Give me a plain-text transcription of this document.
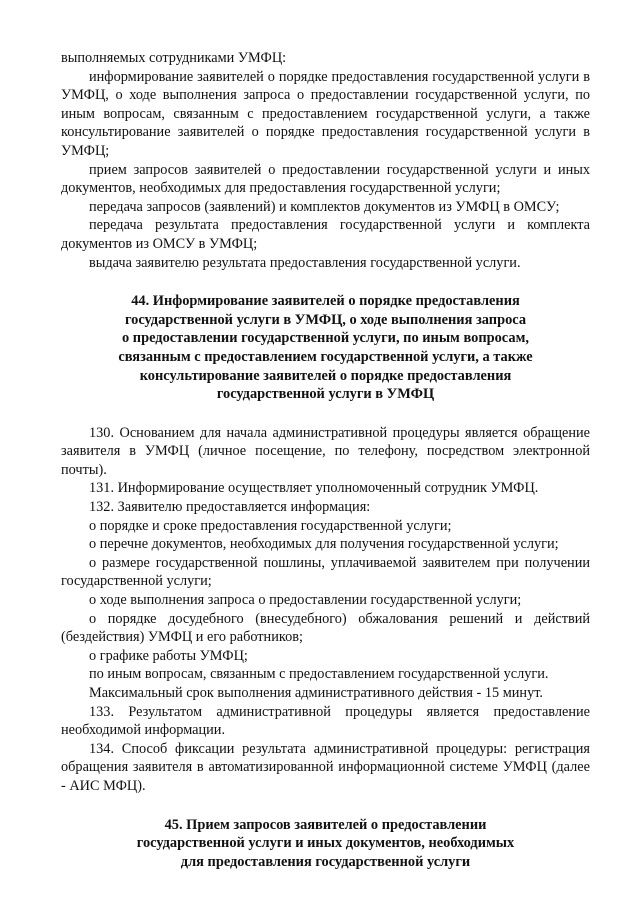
выполняемых сотрудниками УМФЦ:

информирование заявителей о порядке предоставления государственной услуги в УМФЦ, о ходе выполнения запроса о предоставлении государственной услуги, по иным вопросам, связанным с предоставлением государственной услуги, а также консультирование заявителей о порядке предоставления государственной услуги в УМФЦ;

прием запросов заявителей о предоставлении государственной услуги и иных документов, необходимых для предоставления государственной услуги;

передача запросов (заявлений) и комплектов документов из УМФЦ в ОМСУ;

передача результата предоставления государственной услуги и комплекта документов из ОМСУ в УМФЦ;

выдача заявителю результата предоставления государственной услуги.

44. Информирование заявителей о порядке предоставления
государственной услуги в УМФЦ, о ходе выполнения запроса
о предоставлении государственной услуги, по иным вопросам,
связанным с предоставлением государственной услуги, а также
консультирование заявителей о порядке предоставления
государственной услуги в УМФЦ

130. Основанием для начала административной процедуры является обращение заявителя в УМФЦ (личное посещение, по телефону, посредством электронной почты).

131. Информирование осуществляет уполномоченный сотрудник УМФЦ.

132. Заявителю предоставляется информация:

о порядке и сроке предоставления государственной услуги;

о перечне документов, необходимых для получения государственной услуги;

о размере государственной пошлины, уплачиваемой заявителем при получении государственной услуги;

о ходе выполнения запроса о предоставлении государственной услуги;

о порядке досудебного (внесудебного) обжалования решений и действий (бездействия) УМФЦ и его работников;

о графике работы УМФЦ;

по иным вопросам, связанным с предоставлением государственной услуги.

Максимальный срок выполнения административного действия - 15 минут.

133. Результатом административной процедуры является предоставление необходимой информации.

134. Способ фиксации результата административной процедуры: регистрация обращения заявителя в автоматизированной информационной системе УМФЦ (далее - АИС МФЦ).

45. Прием запросов заявителей о предоставлении
государственной услуги и иных документов, необходимых
для предоставления государственной услуги
